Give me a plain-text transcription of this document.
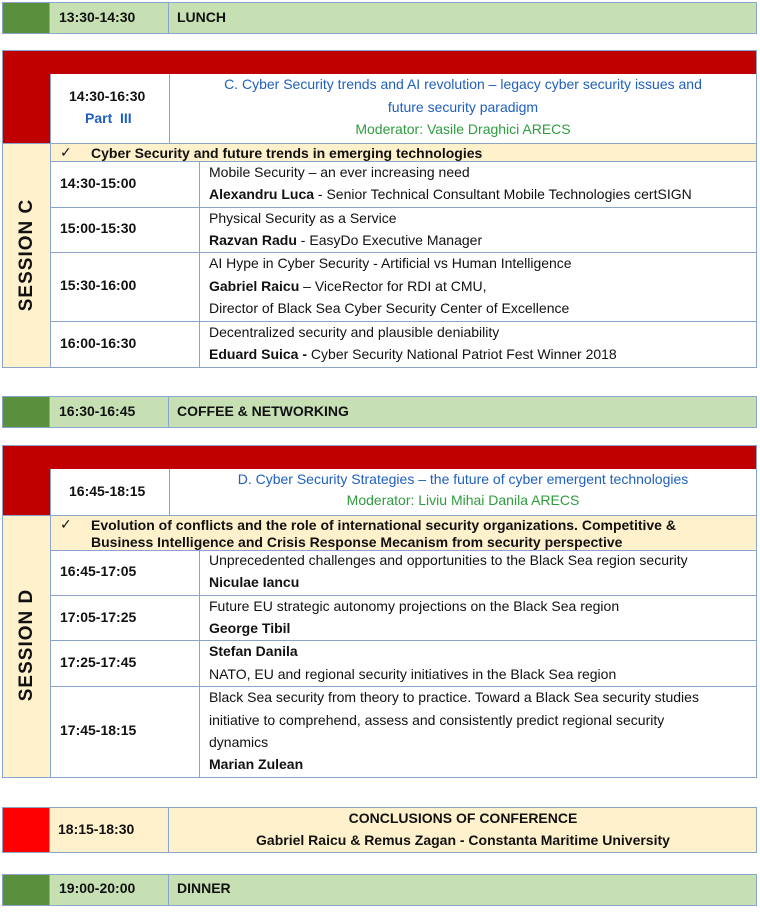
13:30-14:30	LUNCH
SESSION C
14:30-16:30
Part  III
C. Cyber Security trends and AI revolution – legacy cyber security issues and
future security paradigm
Moderator: Vasile Draghici ARECS
✓ Cyber Security and future trends in emerging technologies
14:30-15:00
Mobile Security – an ever increasing need
Alexandru Luca - Senior Technical Consultant Mobile Technologies certSIGN
15:00-15:30
Physical Security as a Service
Razvan Radu - EasyDo Executive Manager
15:30-16:00
AI Hype in Cyber Security - Artificial vs Human Intelligence
Gabriel Raicu – ViceRector for RDI at CMU,
Director of Black Sea Cyber Security Center of Excellence
16:00-16:30
Decentralized security and plausible deniability
Eduard Suica - Cyber Security National Patriot Fest Winner 2018
16:30-16:45	COFFEE & NETWORKING
SESSION D
16:45-18:15
D. Cyber Security Strategies – the future of cyber emergent technologies
Moderator: Liviu Mihai Danila ARECS
✓ Evolution of conflicts and the role of international security organizations. Competitive &
Business Intelligence and Crisis Response Mecanism from security perspective
16:45-17:05
Unprecedented challenges and opportunities to the Black Sea region security
Niculae Iancu
17:05-17:25
Future EU strategic autonomy projections on the Black Sea region
George Tibil
17:25-17:45
Stefan Danila
NATO, EU and regional security initiatives in the Black Sea region
17:45-18:15
Black Sea security from theory to practice. Toward a Black Sea security studies
initiative to comprehend, assess and consistently predict regional security
dynamics
Marian Zulean
18:15-18:30
CONCLUSIONS OF CONFERENCE
Gabriel Raicu & Remus Zagan - Constanta Maritime University
19:00-20:00	DINNER
